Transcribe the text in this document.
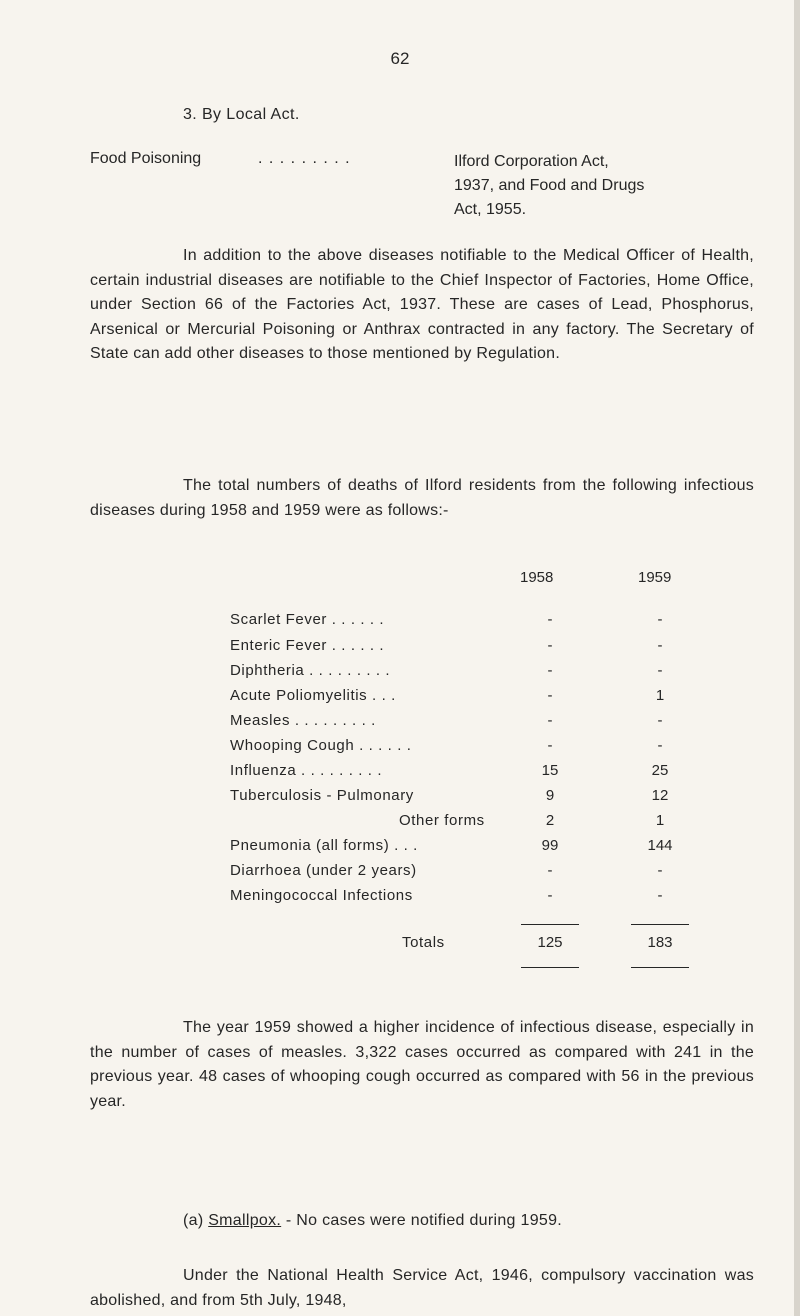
62
3. By Local Act.
Food Poisoning	. . . . . . . . .	Ilford Corporation Act,
1937, and Food and Drugs
Act, 1955.

In addition to the above diseases notifiable to the Medical Officer of Health, certain industrial diseases are notifiable to the Chief Inspector of Factories, Home Office, under Section 66 of the Factories Act, 1937. These are cases of Lead, Phosphorus, Arsenical or Mercurial Poisoning or Anthrax contracted in any factory. The Secretary of State can add other diseases to those mentioned by Regulation.

The total numbers of deaths of Ilford residents from the following infectious diseases during 1958 and 1959 were as follows:-

1958	1959
Scarlet Fever . . . . . .	-	-
Enteric Fever . . . . . .	-	-
Diphtheria . . . . . . . . .	-	-
Acute Poliomyelitis . . .	-	1
Measles . . . . . . . . .	-	-
Whooping Cough . . . . . .	-	-
Influenza . . . . . . . . .	15	25
Tuberculosis - Pulmonary	9	12
Other forms	2	1
Pneumonia (all forms) . . .	99	144
Diarrhoea (under 2 years)	-	-
Meningococcal Infections	-	-
Totals	125	183

The year 1959 showed a higher incidence of infectious disease, especially in the number of cases of measles. 3,322 cases occurred as compared with 241 in the previous year. 48 cases of whooping cough occurred as compared with 56 in the previous year.

(a) Smallpox. - No cases were notified during 1959.

Under the National Health Service Act, 1946, compulsory vaccination was abolished, and from 5th July, 1948,
